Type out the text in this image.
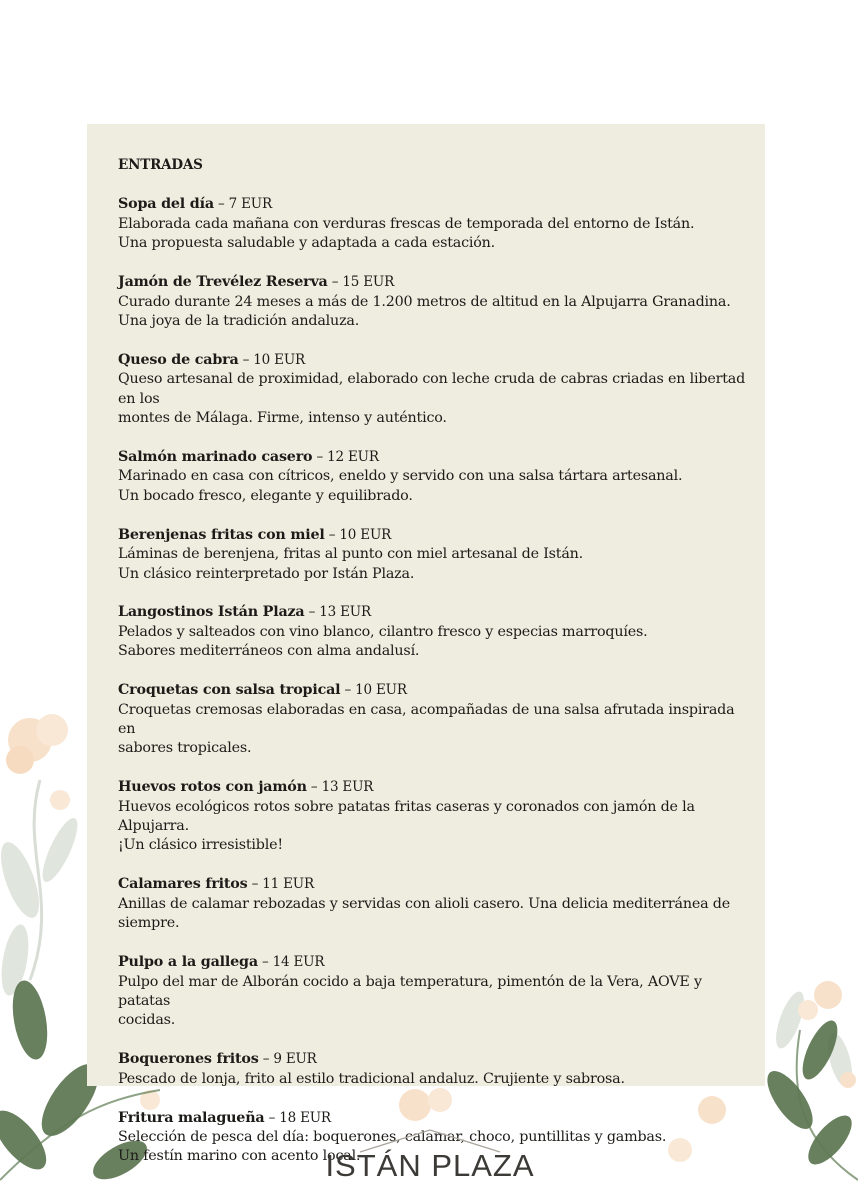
ENTRADAS
Sopa del día – 7 EUR
Elaborada cada mañana con verduras frescas de temporada del entorno de Istán.
Una propuesta saludable y adaptada a cada estación.
Jamón de Trevélez Reserva – 15 EUR
Curado durante 24 meses a más de 1.200 metros de altitud en la Alpujarra Granadina.
Una joya de la tradición andaluza.
Queso de cabra – 10 EUR
Queso artesanal de proximidad, elaborado con leche cruda de cabras criadas en libertad en los
montes de Málaga. Firme, intenso y auténtico.
Salmón marinado casero – 12 EUR
Marinado en casa con cítricos, eneldo y servido con una salsa tártara artesanal.
Un bocado fresco, elegante y equilibrado.
Berenjenas fritas con miel – 10 EUR
Láminas de berenjena, fritas al punto con miel artesanal de Istán.
Un clásico reinterpretado por Istán Plaza.
Langostinos Istán Plaza – 13 EUR
Pelados y salteados con vino blanco, cilantro fresco y especias marroquíes.
Sabores mediterráneos con alma andalusí.
Croquetas con salsa tropical – 10 EUR
Croquetas cremosas elaboradas en casa, acompañadas de una salsa afrutada inspirada en
sabores tropicales.
Huevos rotos con jamón – 13 EUR
Huevos ecológicos rotos sobre patatas fritas caseras y coronados con jamón de la Alpujarra.
¡Un clásico irresistible!
Calamares fritos – 11 EUR
Anillas de calamar rebozadas y servidas con alioli casero. Una delicia mediterránea de siempre.
Pulpo a la gallega – 14 EUR
Pulpo del mar de Alborán cocido a baja temperatura, pimentón de la Vera, AOVE y patatas
cocidas.
Boquerones fritos – 9 EUR
Pescado de lonja, frito al estilo tradicional andaluz. Crujiente y sabrosa.
Fritura malagueña – 18 EUR
Selección de pesca del día: boquerones, calamar, choco, puntillitas y gambas.
Un festín marino con acento local.
ISTÁN PLAZA
